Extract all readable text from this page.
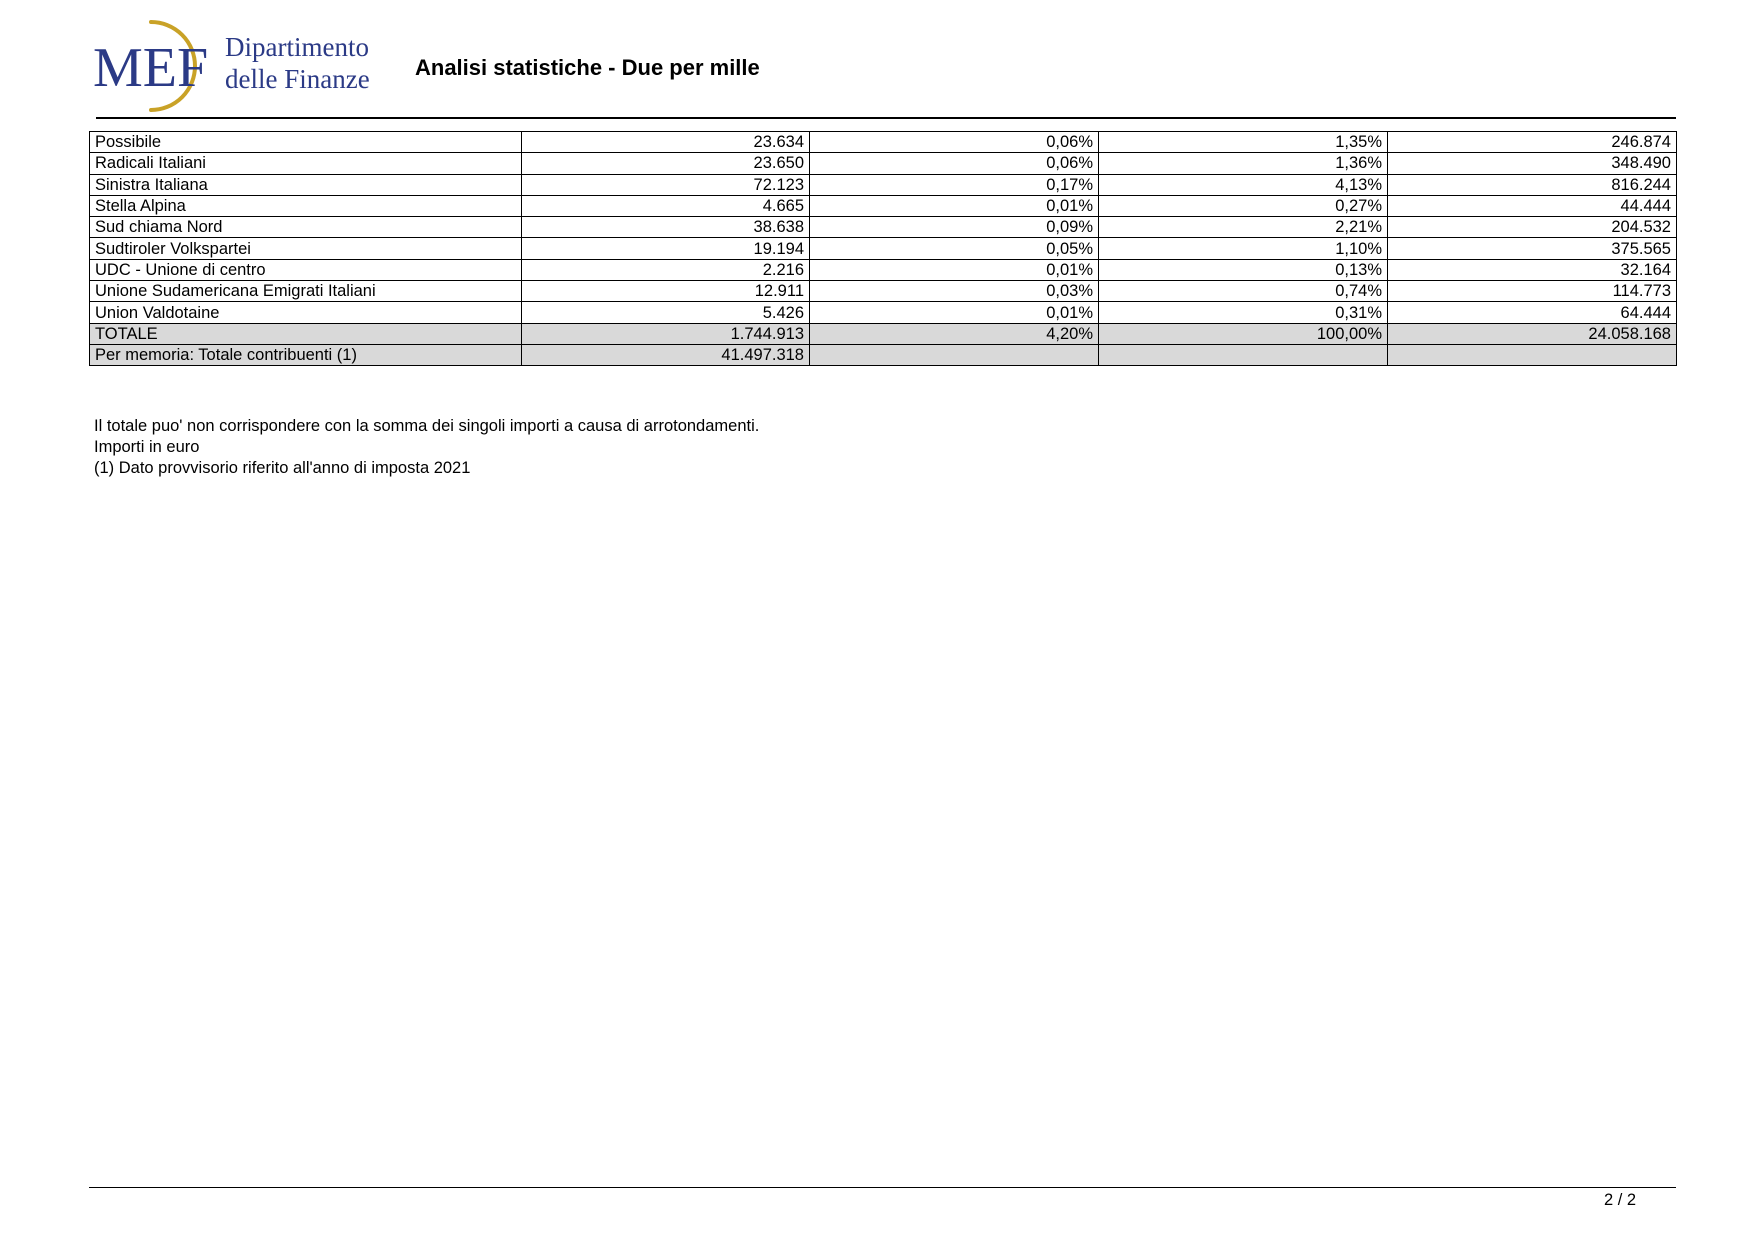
MEF Dipartimento
delle Finanze Analisi statistiche - Due per mille
Possibile	23.634	0,06%	1,35%	246.874
Radicali Italiani	23.650	0,06%	1,36%	348.490
Sinistra Italiana	72.123	0,17%	4,13%	816.244
Stella Alpina	4.665	0,01%	0,27%	44.444
Sud chiama Nord	38.638	0,09%	2,21%	204.532
Sudtiroler Volkspartei	19.194	0,05%	1,10%	375.565
UDC - Unione di centro	2.216	0,01%	0,13%	32.164
Unione Sudamericana Emigrati Italiani	12.911	0,03%	0,74%	114.773
Union Valdotaine	5.426	0,01%	0,31%	64.444
TOTALE	1.744.913	4,20%	100,00%	24.058.168
Per memoria: Totale contribuenti (1)	41.497.318			
Il totale puo' non corrispondere con la somma dei singoli importi a causa di arrotondamenti.
Importi in euro
(1) Dato provvisorio riferito all'anno di imposta 2021
2 / 2
